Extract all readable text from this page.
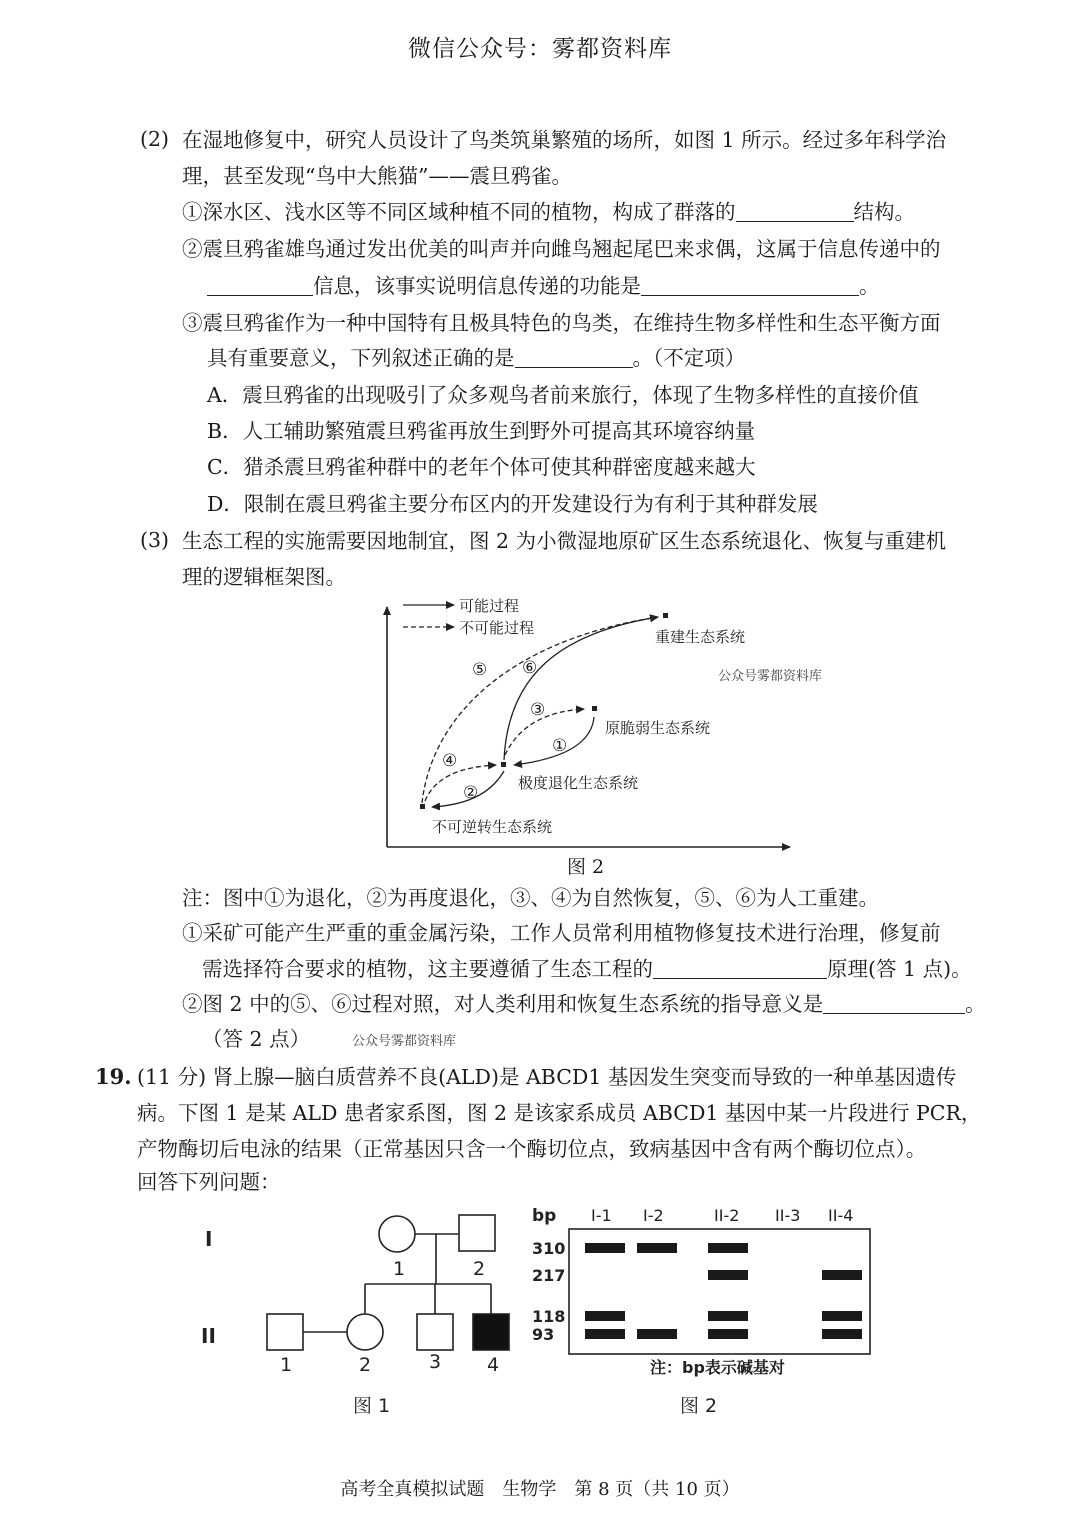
微信公众号：雾都资料库
(2) 在湿地修复中，研究人员设计了鸟类筑巢繁殖的场所，如图 1 所示。经过多年科学治
理，甚至发现“鸟中大熊猫”——震旦鸦雀。
①深水区、浅水区等不同区域种植不同的植物，构成了群落的	结构。
②震旦鸦雀雄鸟通过发出优美的叫声并向雌鸟翘起尾巴来求偶，这属于信息传递中的
信息，该事实说明信息传递的功能是	。
③震旦鸦雀作为一种中国特有且极具特色的鸟类，在维持生物多样性和生态平衡方面
具有重要意义，下列叙述正确的是	。（不定项）
A．震旦鸦雀的出现吸引了众多观鸟者前来旅行，体现了生物多样性的直接价值
B．人工辅助繁殖震旦鸦雀再放生到野外可提高其环境容纳量
C．猎杀震旦鸦雀种群中的老年个体可使其种群密度越来越大
D．限制在震旦鸦雀主要分布区内的开发建设行为有利于其种群发展
(3) 生态工程的实施需要因地制宜，图 2 为小微湿地原矿区生态系统退化、恢复与重建机
理的逻辑框架图。
可能过程
不可能过程	重建生态系统
原脆弱生态系统
极度退化生态系统
不可逆转生态系统
⑤ ⑥
③
①
④
②
公众号雾都资料库
图 2
注：图中①为退化，②为再度退化，③、④为自然恢复，⑤、⑥为人工重建。
①采矿可能产生严重的重金属污染，工作人员常利用植物修复技术进行治理，修复前
需选择符合要求的植物，这主要遵循了生态工程的	原理(答 1 点)。
②图 2 中的⑤、⑥过程对照，对人类利用和恢复生态系统的指导意义是	。
（答 2 点）	公众号雾都资料库
19. (11 分) 肾上腺—脑白质营养不良(ALD)是 ABCD1 基因发生突变而导致的一种单基因遗传
病。下图 1 是某 ALD 患者家系图，图 2 是该家系成员 ABCD1 基因中某一片段进行 PCR，
产物酶切后电泳的结果（正常基因只含一个酶切位点，致病基因中含有两个酶切位点）。
回答下列问题：
I
II
1	2
1	2	3 4
图 1
bp I-1 I-2	II-2 II-3 II-4
310
217
118
93
注：bp表示碱基对
图 2
高考全真模拟试题　生物学　第 8 页（共 10 页）
